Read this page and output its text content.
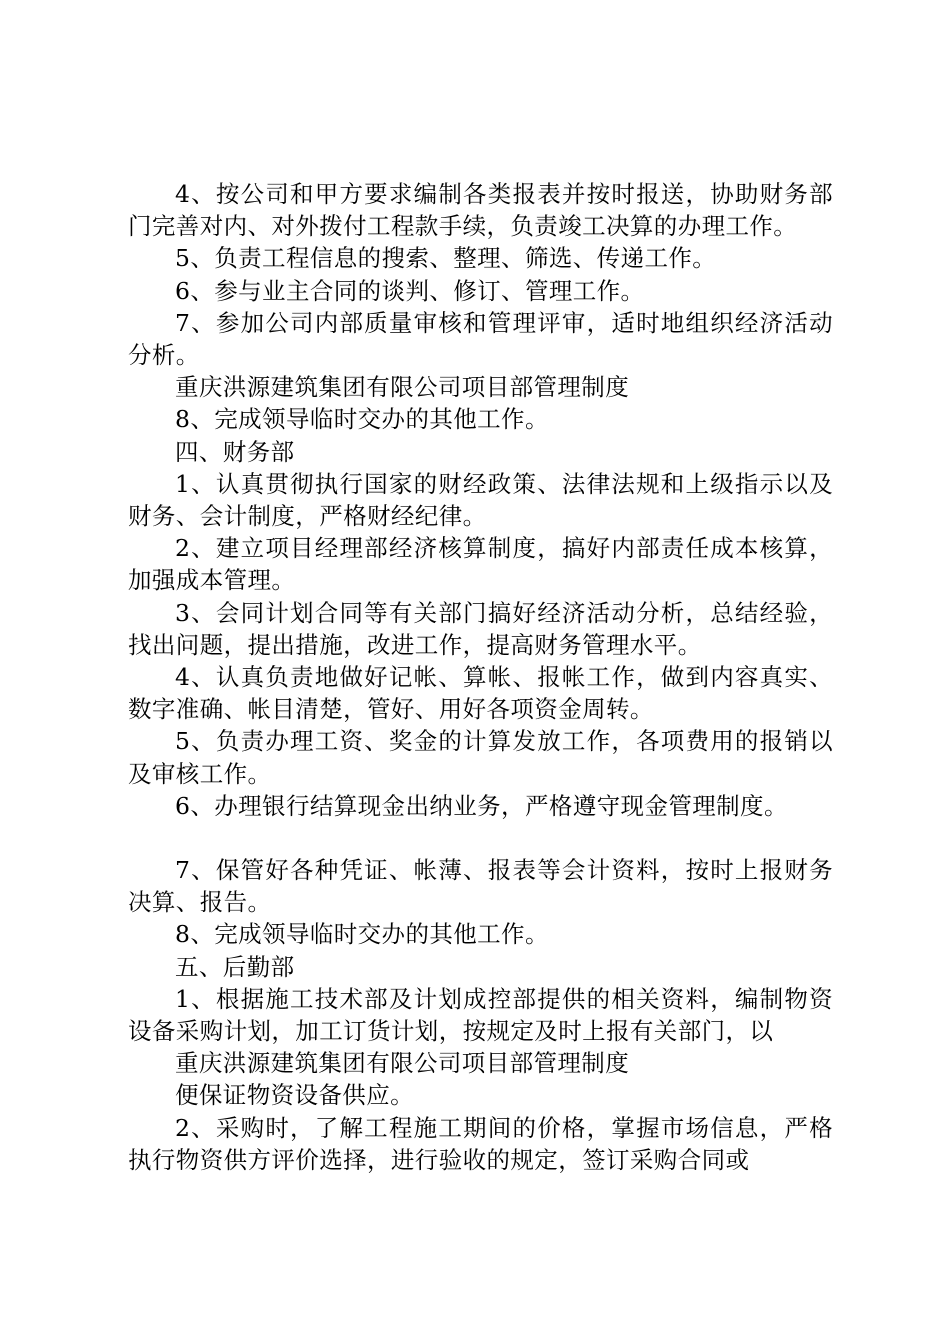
4、按公司和甲方要求编制各类报表并按时报送，协助财务部门完善对内、对外拨付工程款手续，负责竣工决算的办理工作。

5、负责工程信息的搜索、整理、筛选、传递工作。

6、参与业主合同的谈判、修订、管理工作。

7、参加公司内部质量审核和管理评审，适时地组织经济活动分析。

重庆洪源建筑集团有限公司项目部管理制度

8、完成领导临时交办的其他工作。

四、财务部

1、认真贯彻执行国家的财经政策、法律法规和上级指示以及财务、会计制度，严格财经纪律。

2、建立项目经理部经济核算制度，搞好内部责任成本核算，加强成本管理。

3、会同计划合同等有关部门搞好经济活动分析，总结经验，找出问题，提出措施，改进工作，提高财务管理水平。

4、认真负责地做好记帐、算帐、报帐工作，做到内容真实、数字准确、帐目清楚，管好、用好各项资金周转。

5、负责办理工资、奖金的计算发放工作，各项费用的报销以及审核工作。

6、办理银行结算现金出纳业务，严格遵守现金管理制度。

7、保管好各种凭证、帐薄、报表等会计资料，按时上报财务决算、报告。

8、完成领导临时交办的其他工作。

五、后勤部

1、根据施工技术部及计划成控部提供的相关资料，编制物资设备采购计划，加工订货计划，按规定及时上报有关部门，以

重庆洪源建筑集团有限公司项目部管理制度

便保证物资设备供应。

2、采购时，了解工程施工期间的价格，掌握市场信息，严格执行物资供方评价选择，进行验收的规定，签订采购合同或
